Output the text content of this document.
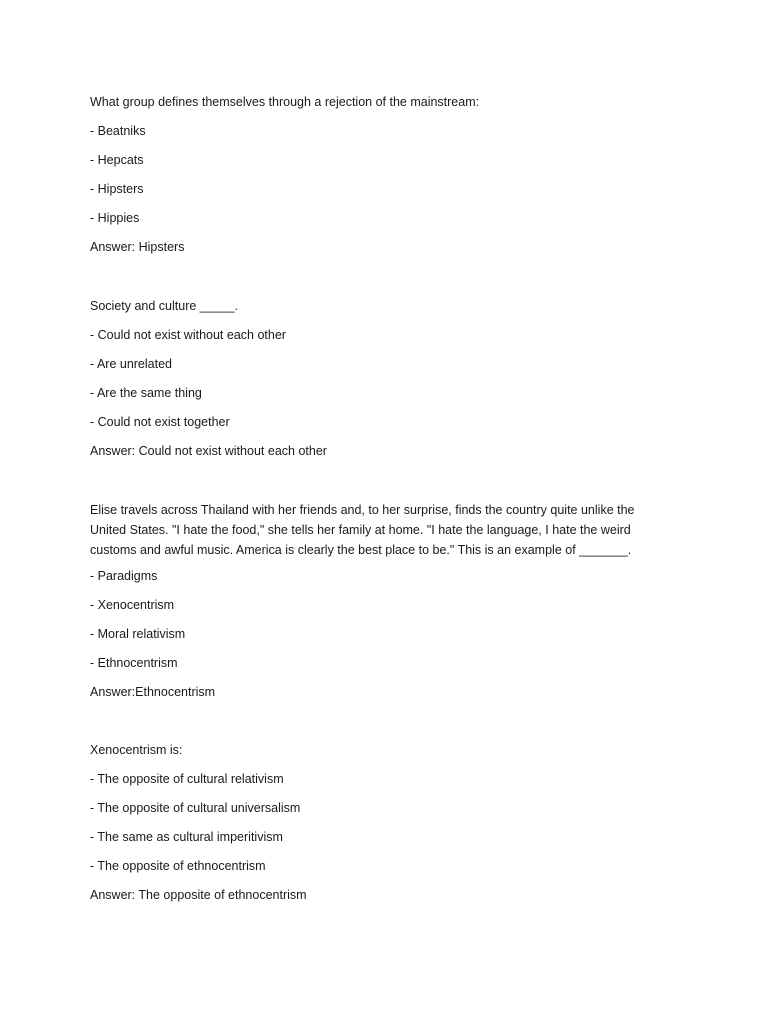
What group defines themselves through a rejection of the mainstream:
- Beatniks
- Hepcats
- Hipsters
- Hippies
Answer: Hipsters
Society and culture _____.
- Could not exist without each other
- Are unrelated
- Are the same thing
- Could not exist together
Answer: Could not exist without each other
Elise travels across Thailand with her friends and, to her surprise, finds the country quite unlike the United States. "I hate the food," she tells her family at home. "I hate the language, I hate the weird customs and awful music. America is clearly the best place to be." This is an example of _______.
- Paradigms
- Xenocentrism
- Moral relativism
- Ethnocentrism
Answer:Ethnocentrism
Xenocentrism is:
- The opposite of cultural relativism
- The opposite of cultural universalism
- The same as cultural imperitivism
- The opposite of ethnocentrism
Answer: The opposite of ethnocentrism
